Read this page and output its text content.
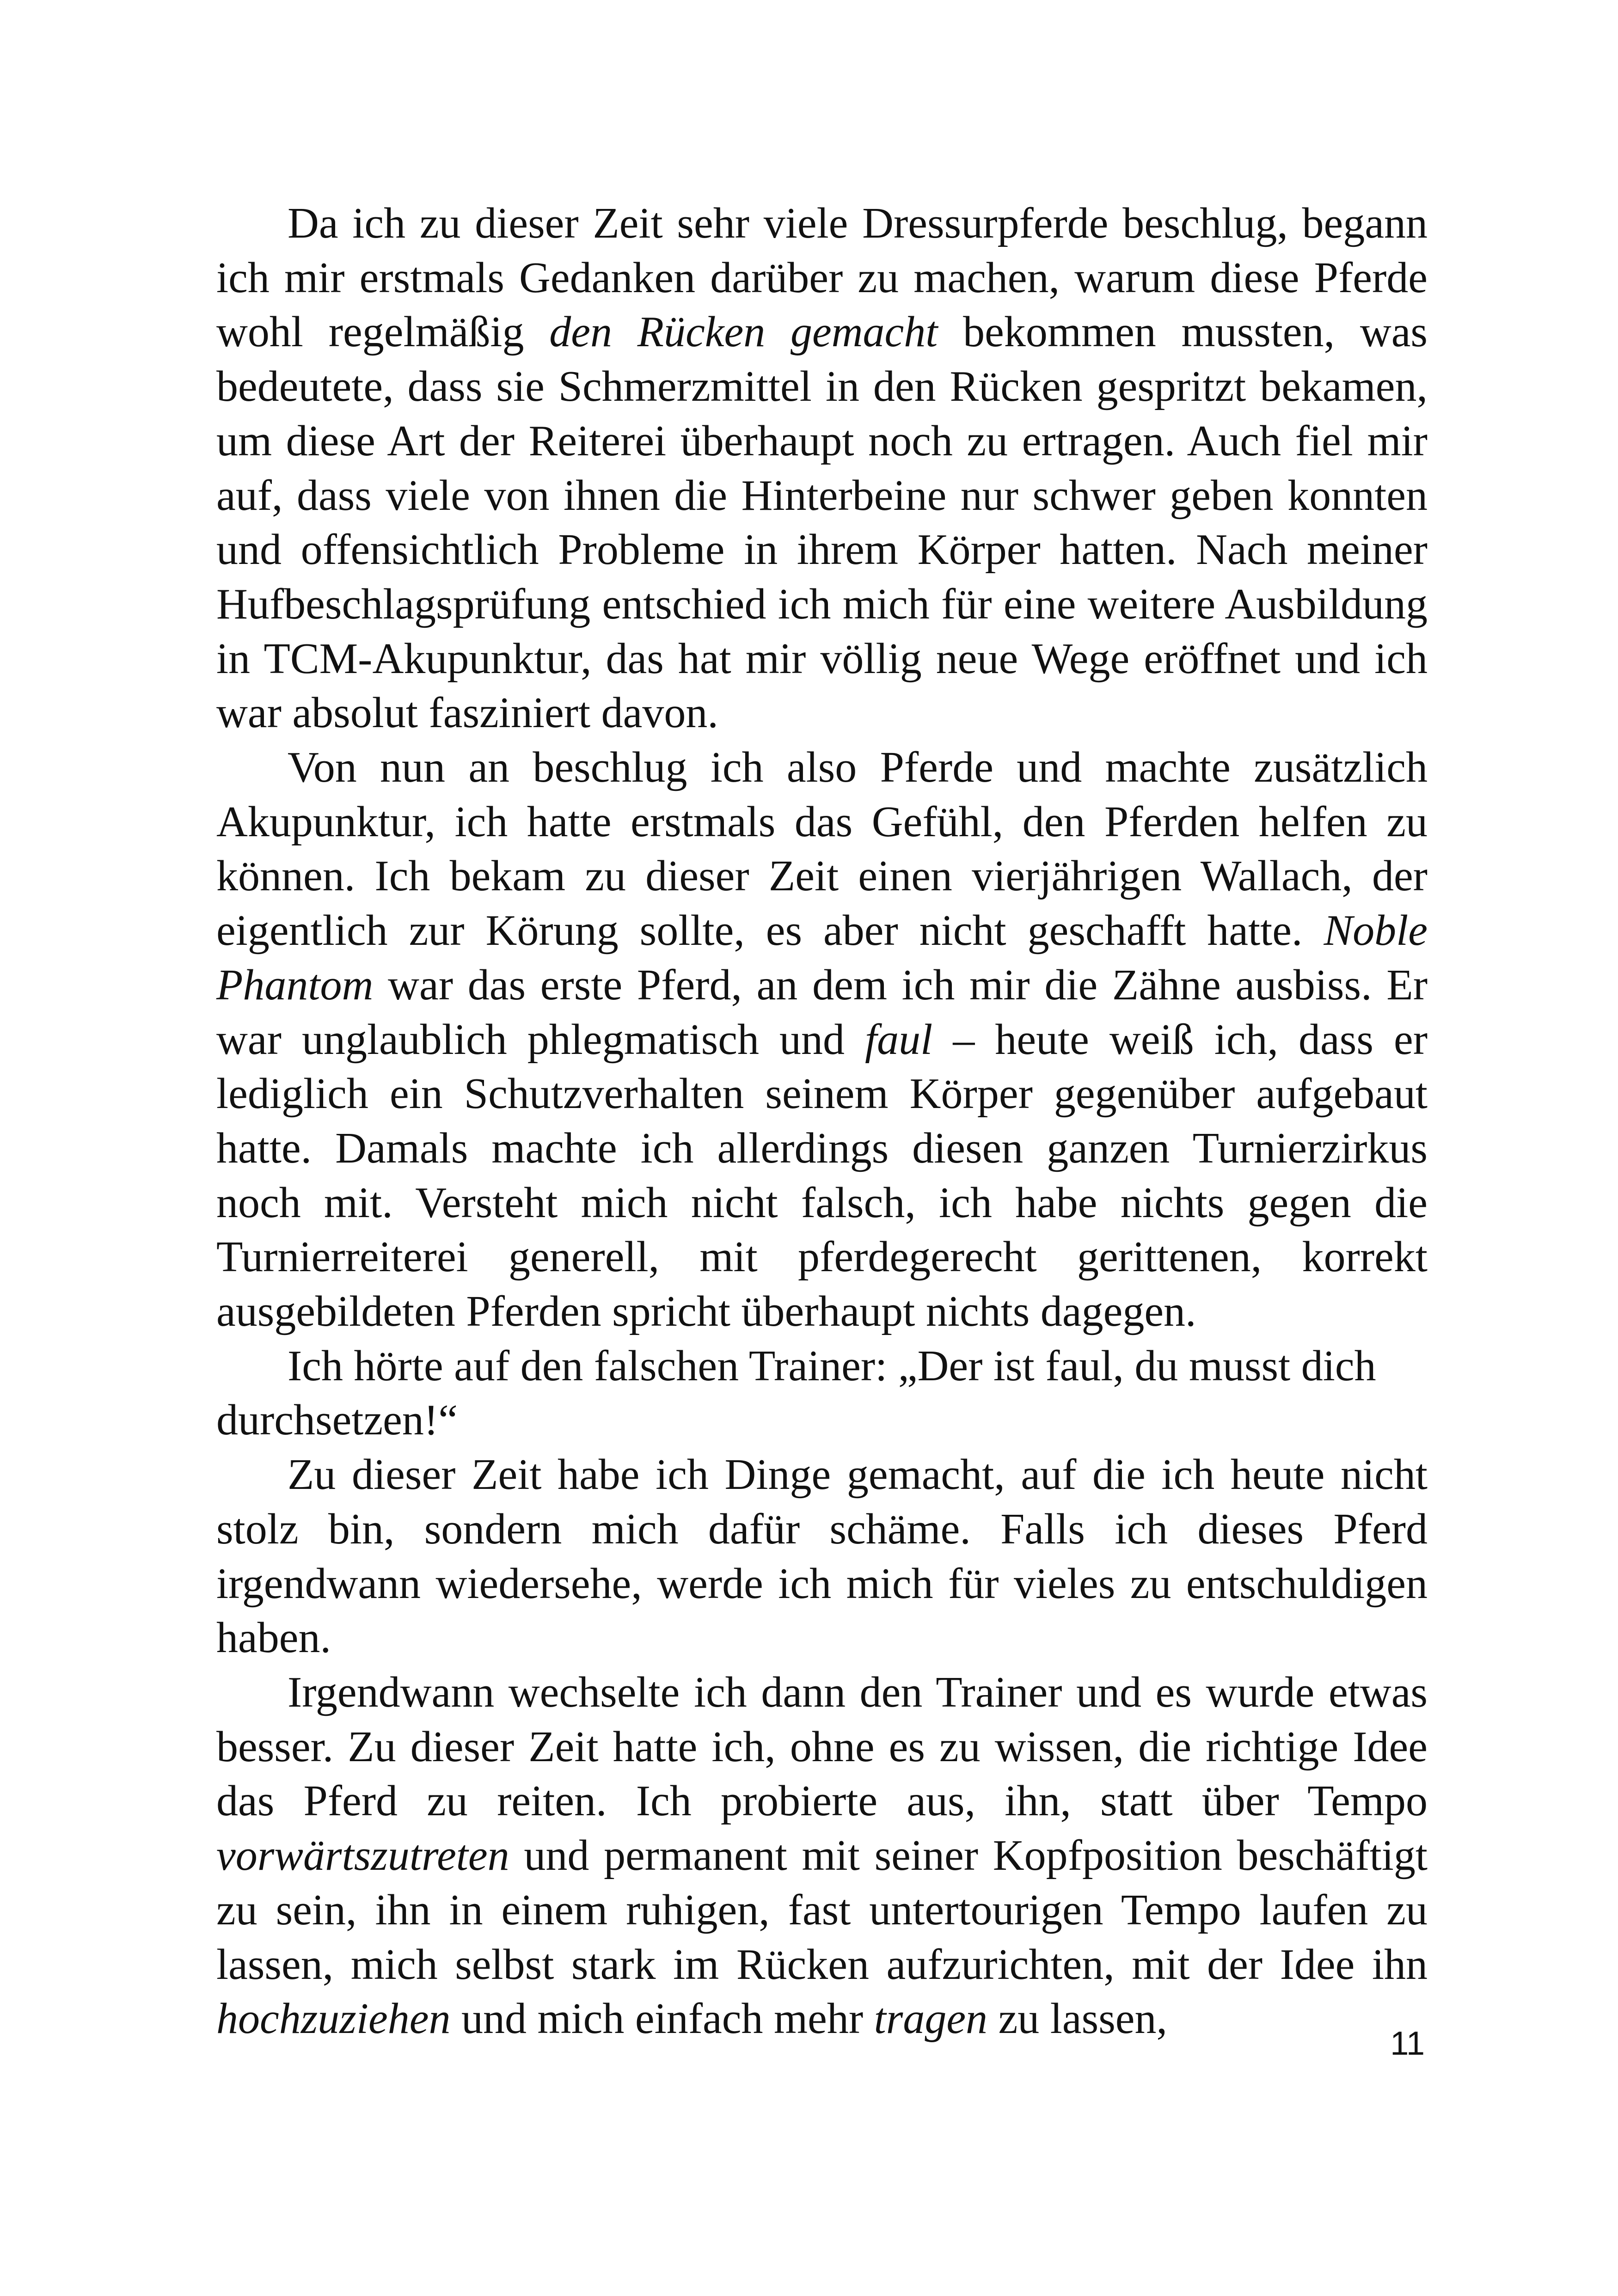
Da ich zu dieser Zeit sehr viele Dressurpferde beschlug, begann ich mir erstmals Gedanken darüber zu machen, warum diese Pferde wohl regelmäßig den Rücken gemacht bekommen mussten, was bedeutete, dass sie Schmerzmittel in den Rücken gespritzt bekamen, um diese Art der Reiterei überhaupt noch zu ertragen. Auch fiel mir auf, dass viele von ihnen die Hinterbeine nur schwer geben konnten und offensichtlich Probleme in ihrem Körper hatten. Nach meiner Hufbeschlagsprüfung entschied ich mich für eine weitere Ausbildung in TCM-Akupunktur, das hat mir völlig neue Wege eröffnet und ich war absolut fasziniert davon.

Von nun an beschlug ich also Pferde und machte zusätzlich Akupunktur, ich hatte erstmals das Gefühl, den Pferden helfen zu können. Ich bekam zu dieser Zeit einen vierjährigen Wallach, der eigentlich zur Körung sollte, es aber nicht geschafft hatte. Noble Phantom war das erste Pferd, an dem ich mir die Zähne ausbiss. Er war unglaublich phlegmatisch und faul – heute weiß ich, dass er lediglich ein Schutzverhalten seinem Körper gegenüber aufgebaut hatte. Damals machte ich allerdings diesen ganzen Turnierzirkus noch mit. Versteht mich nicht falsch, ich habe nichts gegen die Turnierreiterei generell, mit pferdegerecht gerittenen, korrekt ausgebildeten Pferden spricht überhaupt nichts dagegen.

Ich hörte auf den falschen Trainer: „Der ist faul, du musst dich durchsetzen!“

Zu dieser Zeit habe ich Dinge gemacht, auf die ich heute nicht stolz bin, sondern mich dafür schäme. Falls ich dieses Pferd irgendwann wiedersehe, werde ich mich für vieles zu entschuldigen haben.

Irgendwann wechselte ich dann den Trainer und es wurde etwas besser. Zu dieser Zeit hatte ich, ohne es zu wissen, die richtige Idee das Pferd zu reiten. Ich probierte aus, ihn, statt über Tempo vorwärtszutreten und permanent mit seiner Kopfposition beschäftigt zu sein, ihn in einem ruhigen, fast untertourigen Tempo laufen zu lassen, mich selbst stark im Rücken aufzurichten, mit der Idee ihn hochzuziehen und mich einfach mehr tragen zu lassen,

11
